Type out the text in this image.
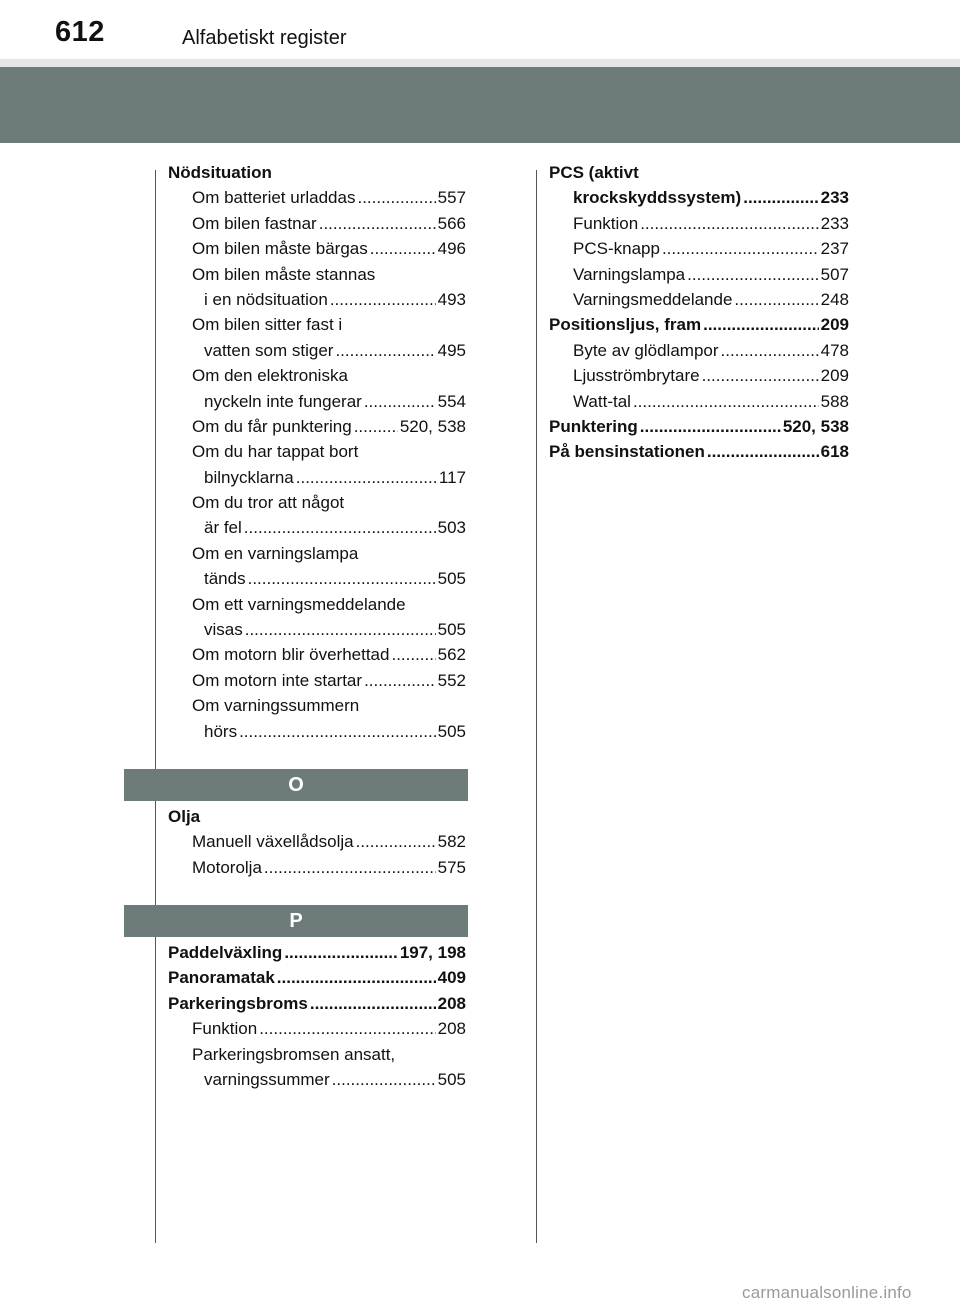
612	Alfabetiskt register
Nödsituation
Om batteriet urladdas .....	557
Om bilen fastnar .....	566
Om bilen måste bärgas .....	496
Om bilen måste stannas
i en nödsituation .....	493
Om bilen sitter fast i
vatten som stiger .....	495
Om den elektroniska
nyckeln inte fungerar .....	554
Om du får punktering .....	520, 538
Om du har tappat bort
bilnycklarna .....	117
Om du tror att något
är fel .....	503
Om en varningslampa
tänds .....	505
Om ett varningsmeddelande
visas .....	505
Om motorn blir överhettad .....	562
Om motorn inte startar .....	552
Om varningssummern
hörs .....	505
O
Olja
Manuell växellådsolja .....	582
Motorolja .....	575
P
Paddelväxling .....	197, 198
Panoramatak .....	409
Parkeringsbroms .....	208
Funktion .....	208
Parkeringsbromsen ansatt,
varningssummer .....	505
PCS (aktivt
krockskyddssystem) .....	233
Funktion .....	233
PCS-knapp .....	237
Varningslampa .....	507
Varningsmeddelande .....	248
Positionsljus, fram .....	209
Byte av glödlampor .....	478
Ljusströmbrytare .....	209
Watt-tal .....	588
Punktering .....	520, 538
På bensinstationen .....	618
carmanualsonline.info
